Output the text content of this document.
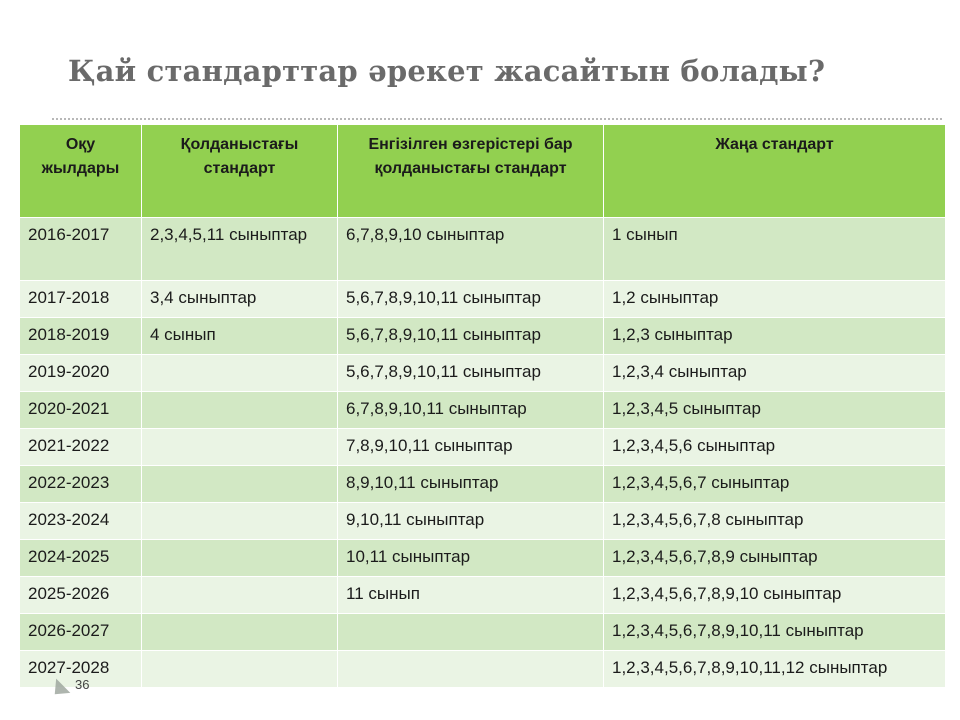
Қай стандарттар әрекет жасайтын болады?
Оқу жылдары	Қолданыстағы стандарт	Енгізілген өзгерістері бар қолданыстағы стандарт	Жаңа стандарт
2016-2017	2,3,4,5,11 сыныптар	6,7,8,9,10 сыныптар	1 сынып
2017-2018	3,4 сыныптар	5,6,7,8,9,10,11 сыныптар	1,2 сыныптар
2018-2019	4 сынып	5,6,7,8,9,10,11 сыныптар	1,2,3 сыныптар
2019-2020		5,6,7,8,9,10,11 сыныптар	1,2,3,4 сыныптар
2020-2021		6,7,8,9,10,11 сыныптар	1,2,3,4,5 сыныптар
2021-2022		7,8,9,10,11 сыныптар	1,2,3,4,5,6 сыныптар
2022-2023		8,9,10,11 сыныптар	1,2,3,4,5,6,7 сыныптар
2023-2024		9,10,11 сыныптар	1,2,3,4,5,6,7,8 сыныптар
2024-2025		10,11 сыныптар	1,2,3,4,5,6,7,8,9 сыныптар
2025-2026		11 сынып	1,2,3,4,5,6,7,8,9,10 сыныптар
2026-2027			1,2,3,4,5,6,7,8,9,10,11 сыныптар
2027-2028			1,2,3,4,5,6,7,8,9,10,11,12 сыныптар
36
